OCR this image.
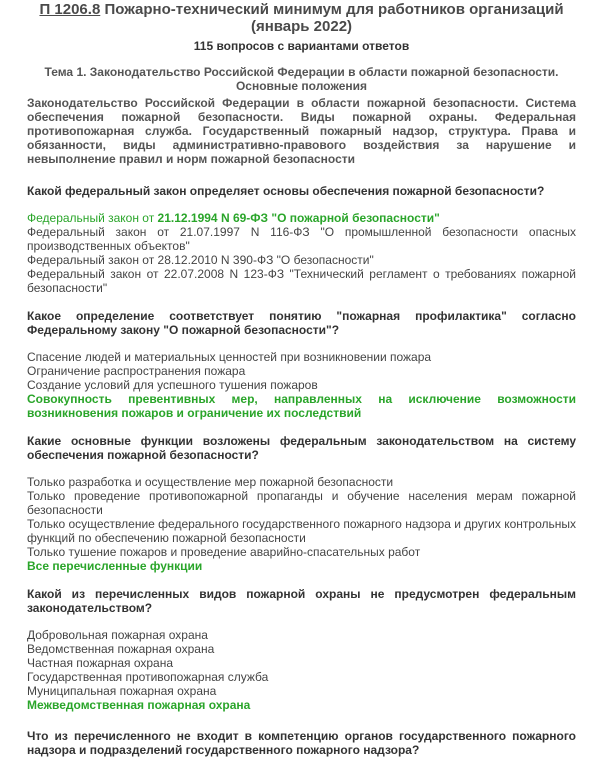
П 1206.8 Пожарно-технический минимум для работников организаций (январь 2022)
115 вопросов с вариантами ответов
Тема 1. Законодательство Российской Федерации в области пожарной безопасности. Основные положения
Законодательство Российской Федерации в области пожарной безопасности. Система обеспечения пожарной безопасности. Виды пожарной охраны. Федеральная противопожарная служба. Государственный пожарный надзор, структура. Права и обязанности, виды административно-правового воздействия за нарушение и невыполнение правил и норм пожарной безопасности
Какой федеральный закон определяет основы обеспечения пожарной безопасности?

Федеральный закон от 21.12.1994 N 69-ФЗ "О пожарной безопасности"

Федеральный закон от 21.07.1997 N 116-ФЗ "О промышленной безопасности опасных производственных объектов"

Федеральный закон от 28.12.2010 N 390-ФЗ "О безопасности"

Федеральный закон от 22.07.2008 N 123-ФЗ "Технический регламент о требованиях пожарной безопасности"

Какое определение соответствует понятию "пожарная профилактика" согласно Федеральному закону "О пожарной безопасности"?

Спасение людей и материальных ценностей при возникновении пожара

Ограничение распространения пожара

Создание условий для успешного тушения пожаров

Совокупность превентивных мер, направленных на исключение возможности возникновения пожаров и ограничение их последствий

Какие основные функции возложены федеральным законодательством на систему обеспечения пожарной безопасности?

Только разработка и осуществление мер пожарной безопасности

Только проведение противопожарной пропаганды и обучение населения мерам пожарной безопасности

Только осуществление федерального государственного пожарного надзора и других контрольных функций по обеспечению пожарной безопасности

Только тушение пожаров и проведение аварийно-спасательных работ

Все перечисленные функции

Какой из перечисленных видов пожарной охраны не предусмотрен федеральным законодательством?

Добровольная пожарная охрана

Ведомственная пожарная охрана

Частная пожарная охрана

Государственная противопожарная служба

Муниципальная пожарная охрана

Межведомственная пожарная охрана

Что из перечисленного не входит в компетенцию органов государственного пожарного надзора и подразделений государственного пожарного надзора?
